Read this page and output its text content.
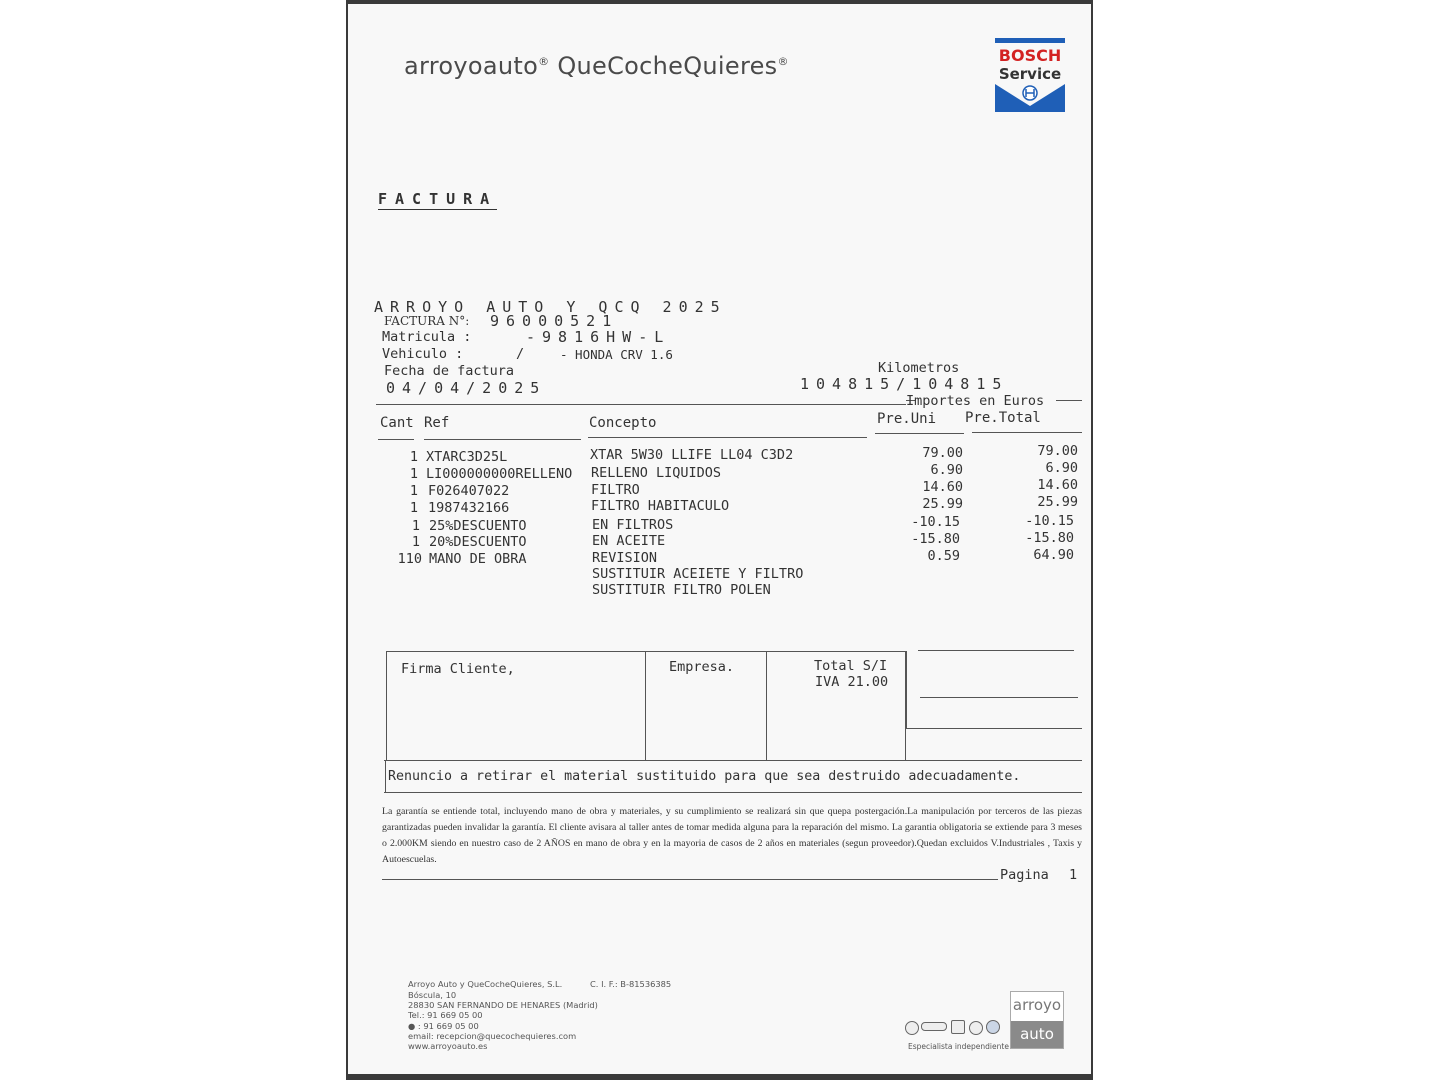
arroyoauto® QueCocheQuieres®	BOSCH
Service
FACTURA
ARROYO AUTO Y QCQ 2025
FACTURA N°: 96000521
Matricula :	-9816HW-L
Vehiculo :	/	- HONDA CRV 1.6
Fecha de factura
04/04/2025
Kilometros
104815/104815
Importes en Euros
Cant Ref	Concepto	Pre.Uni Pre.Total
1 XTARC3D25L	XTAR 5W30 LLIFE LL04 C3D2	79.00	79.00
1 LI000000000RELLENO RELLENO LIQUIDOS	6.90	6.90
1 F026407022	FILTRO	14.60	14.60
1 1987432166	FILTRO HABITACULO	25.99	25.99
1 25%DESCUENTO	EN FILTROS	-10.15	-10.15
1 20%DESCUENTO	EN ACEITE	-15.80	-15.80
110 MANO DE OBRA	REVISION	0.59	64.90
SUSTITUIR ACEIETE Y FILTRO
SUSTITUIR FILTRO POLEN
Firma Cliente,	Empresa.	Total S/I
IVA 21.00
Renuncio a retirar el material sustituido para que sea destruido adecuadamente.
La garantía se entiende total, incluyendo mano de obra y materiales, y su cumplimiento se realizará sin que quepa postergación.La manipulación por terceros de las piezas garantizadas pueden invalidar la garantía. El cliente avisara al taller antes de tomar medida alguna para la reparación del mismo. La garantia obligatoria se extiende para 3 meses o 2.000KM siendo en nuestro caso de 2 AÑOS en mano de obra y en la mayoria de casos de 2 años en materiales (segun proveedor).Quedan excluidos V.Industriales , Taxis y Autoescuelas.
Pagina 1
Arroyo Auto y QueCocheQuieres, S.L.	C. I. F.: B-81536385
Bóscula, 10
28830 SAN FERNANDO DE HENARES (Madrid)
Tel.: 91 669 05 00
● : 91 669 05 00
email: recepcion@quecochequieres.com
www.arroyoauto.es	Especialista independiente
arroyo
auto
